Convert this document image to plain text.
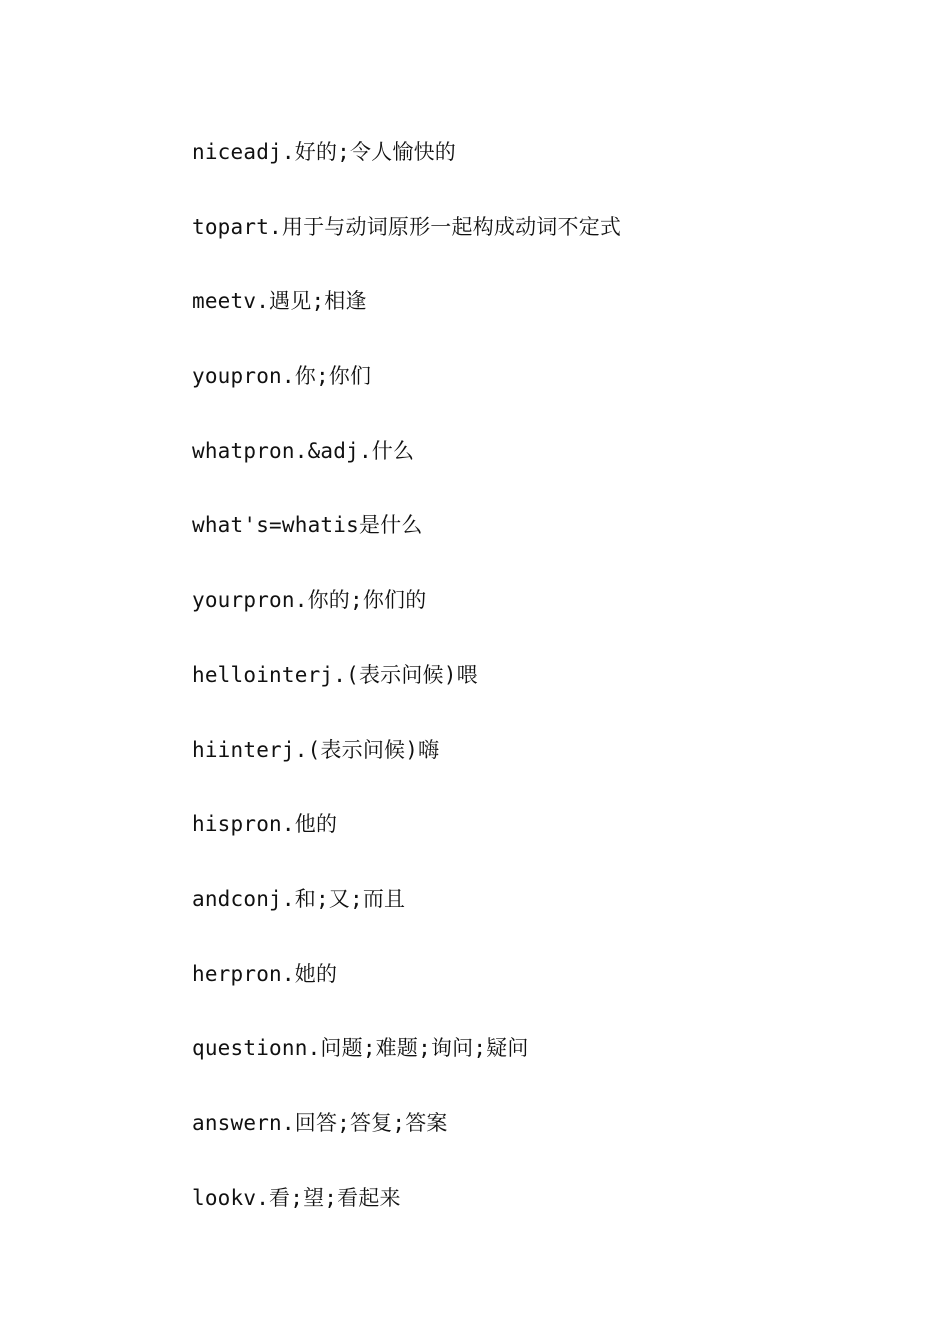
niceadj.好的;令人愉快的
topart.用于与动词原形一起构成动词不定式
meetv.遇见;相逢
youpron.你;你们
whatpron.&adj.什么
what's=whatis是什么
yourpron.你的;你们的
hellointerj.(表示问候)喂
hiinterj.(表示问候)嗨
hispron.他的
andconj.和;又;而且
herpron.她的
questionn.问题;难题;询问;疑问
answern.回答;答复;答案
lookv.看;望;看起来
